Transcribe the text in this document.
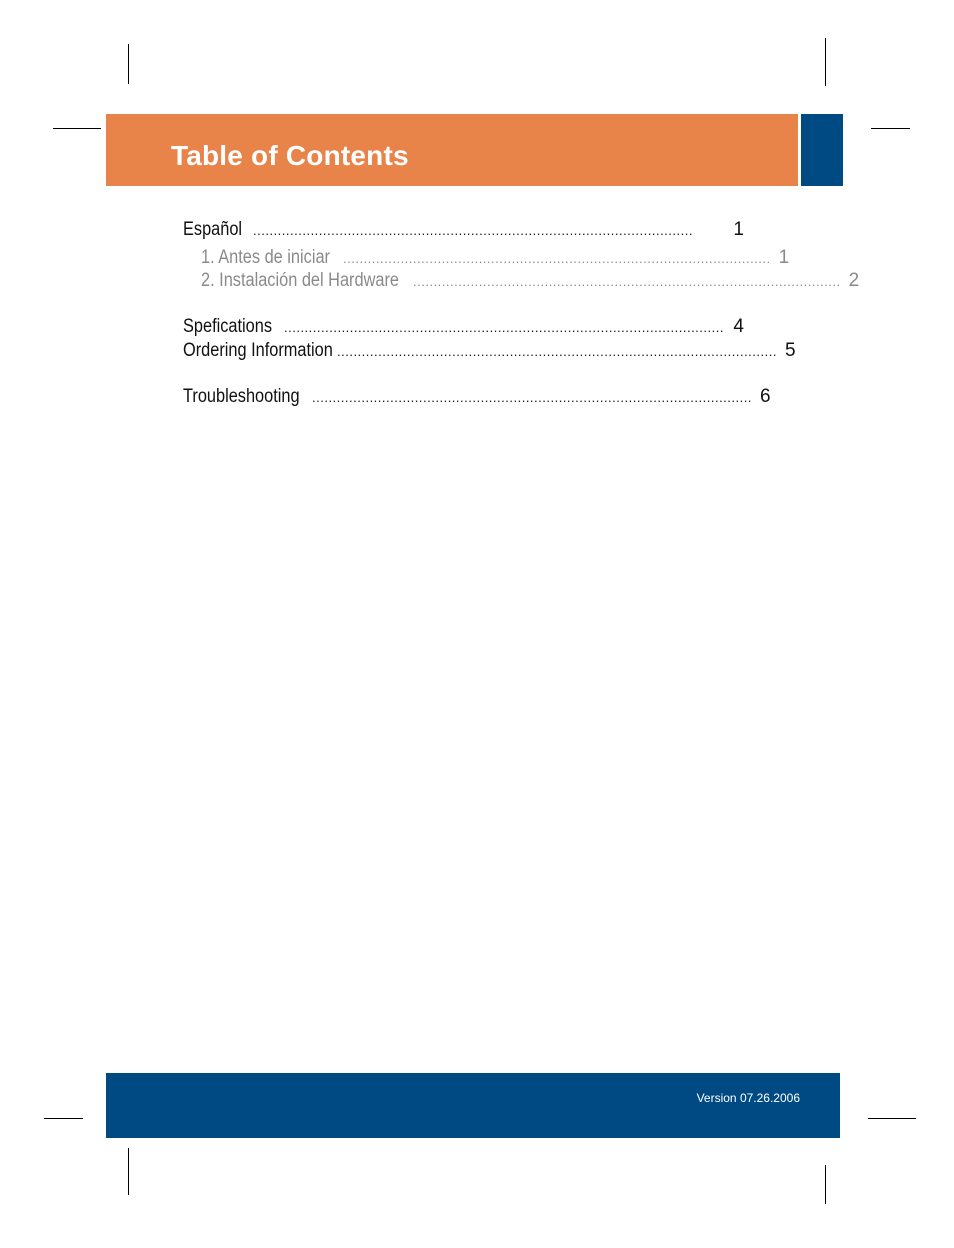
Table of Contents
Español ...........................................................................................................	1
1. Antes de iniciar ........................................................................................................ 1
2. Instalación del Hardware ........................................................................................................ 2
Spefications ........................................................................................................... 4
Ordering Information ........................................................................................................... 5
Troubleshooting ........................................................................................................... 6
Version 07.26.2006
